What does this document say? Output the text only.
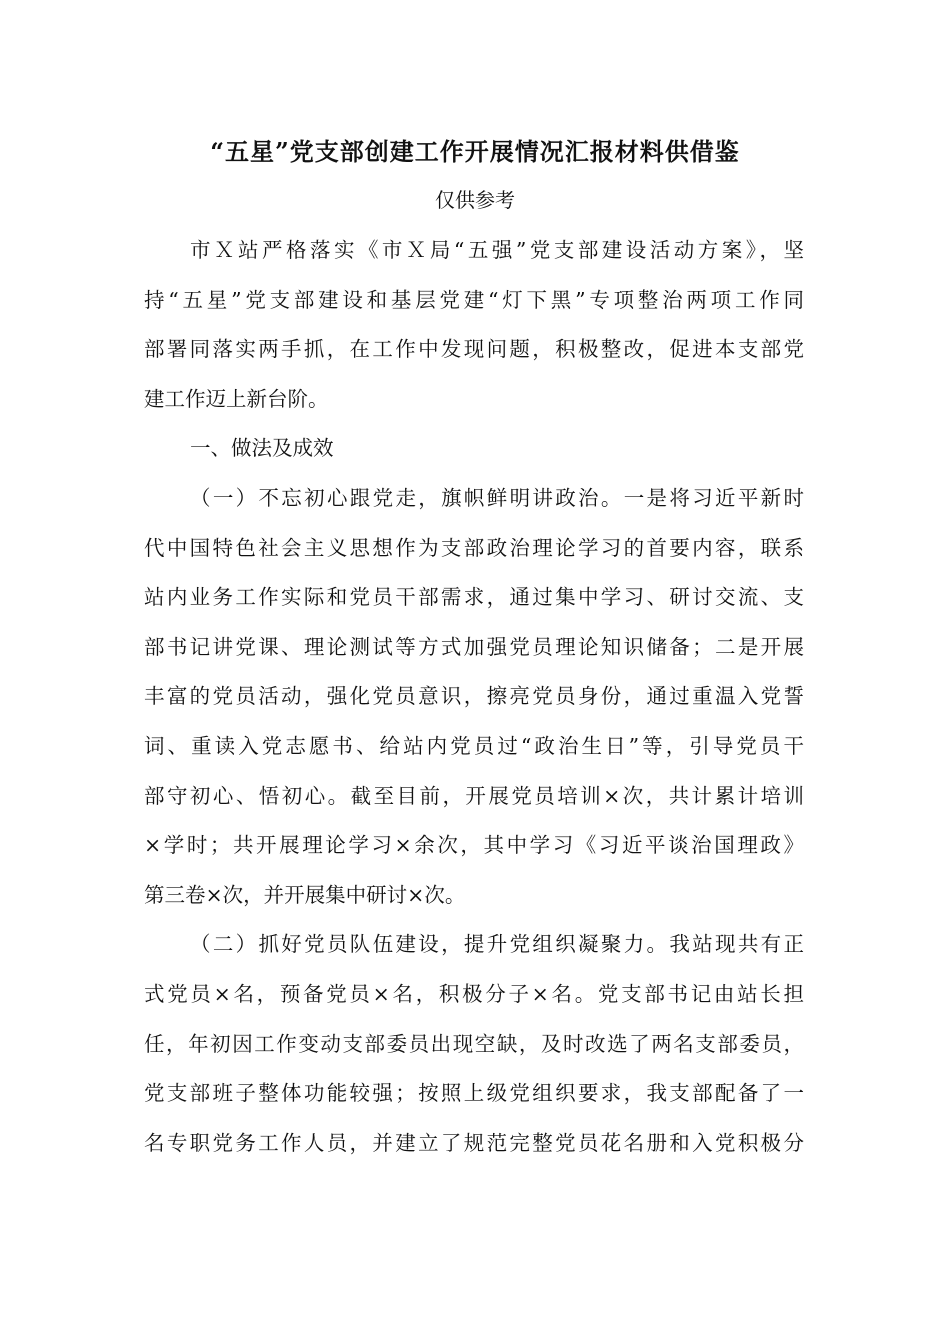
“五星”党支部创建工作开展情况汇报材料供借鉴
仅供参考
市Ｘ站严格落实《市Ｘ局“五强”党支部建设活动方案》，坚
持“五星”党支部建设和基层党建“灯下黑”专项整治两项工作同
部署同落实两手抓，在工作中发现问题，积极整改，促进本支部党
建工作迈上新台阶。
一、做法及成效
（一）不忘初心跟党走，旗帜鲜明讲政治。一是将习近平新时
代中国特色社会主义思想作为支部政治理论学习的首要内容，联系
站内业务工作实际和党员干部需求，通过集中学习、研讨交流、支
部书记讲党课、理论测试等方式加强党员理论知识储备；二是开展
丰富的党员活动，强化党员意识，擦亮党员身份，通过重温入党誓
词、重读入党志愿书、给站内党员过“政治生日”等，引导党员干
部守初心、悟初心。截至目前，开展党员培训×次，共计累计培训
×学时；共开展理论学习×余次，其中学习《习近平谈治国理政》
第三卷×次，并开展集中研讨×次。
（二）抓好党员队伍建设，提升党组织凝聚力。我站现共有正
式党员×名，预备党员×名，积极分子×名。党支部书记由站长担
任，年初因工作变动支部委员出现空缺，及时改选了两名支部委员，
党支部班子整体功能较强；按照上级党组织要求，我支部配备了一
名专职党务工作人员，并建立了规范完整党员花名册和入党积极分
